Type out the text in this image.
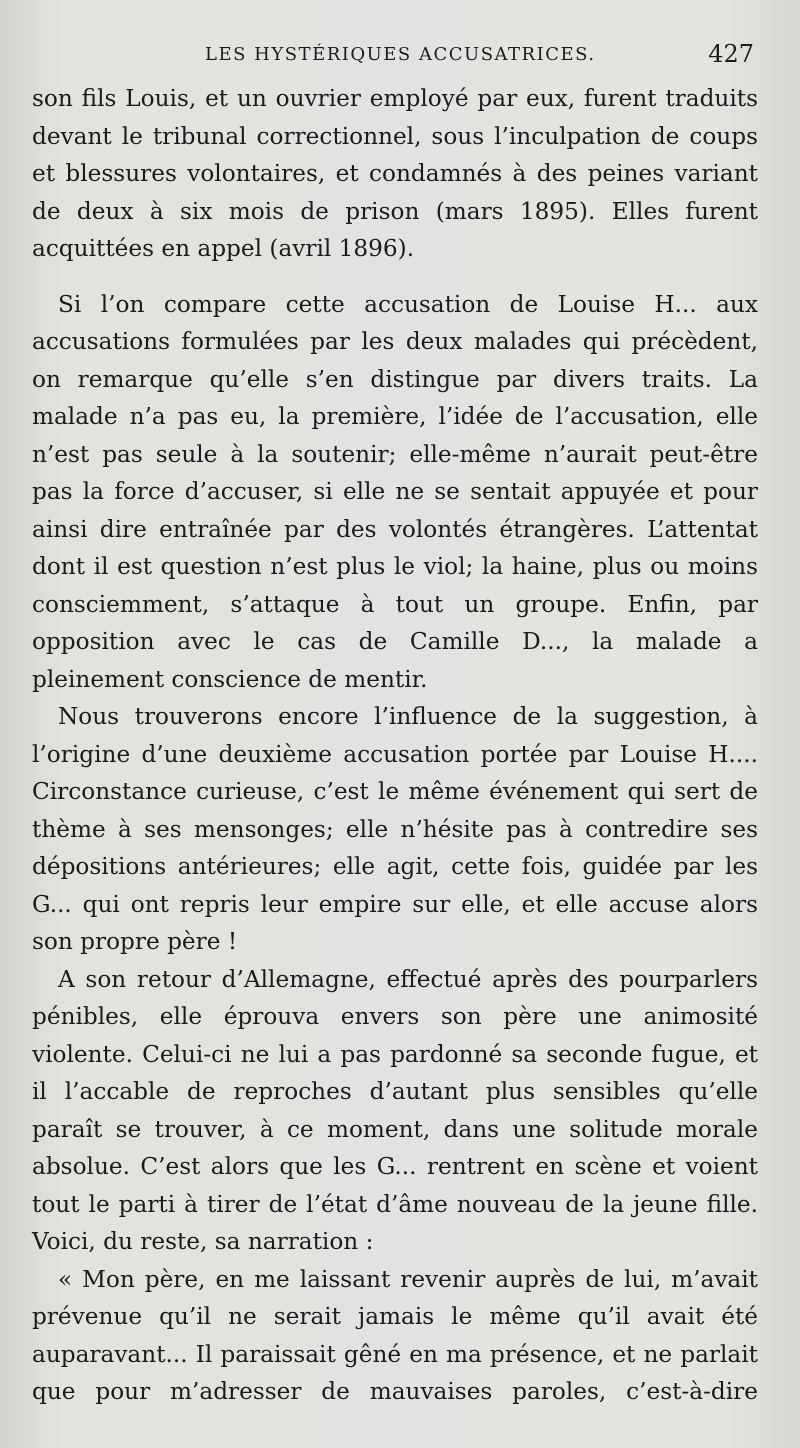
LES HYSTÉRIQUES ACCUSATRICES.	427

son fils Louis, et un ouvrier employé par eux, furent traduits devant le tribunal correctionnel, sous l’inculpation de coups et blessures volontaires, et condamnés à des peines variant de deux à six mois de prison (mars 1895). Elles furent acquittées en appel (avril 1896).

Si l’on compare cette accusation de Louise H... aux accusations formulées par les deux malades qui précèdent, on remarque qu’elle s’en distingue par divers traits. La malade n’a pas eu, la première, l’idée de l’accusation, elle n’est pas seule à la soutenir; elle-même n’aurait peut-être pas la force d’accuser, si elle ne se sentait appuyée et pour ainsi dire entraînée par des volontés étrangères. L’attentat dont il est question n’est plus le viol; la haine, plus ou moins consciemment, s’attaque à tout un groupe. Enfin, par opposition avec le cas de Camille D..., la malade a pleinement conscience de mentir.

Nous trouverons encore l’influence de la suggestion, à l’origine d’une deuxième accusation portée par Louise H.... Circonstance curieuse, c’est le même événement qui sert de thème à ses mensonges; elle n’hésite pas à contredire ses dépositions antérieures; elle agit, cette fois, guidée par les G... qui ont repris leur empire sur elle, et elle accuse alors son propre père !

A son retour d’Allemagne, effectué après des pourparlers pénibles, elle éprouva envers son père une animosité violente. Celui-ci ne lui a pas pardonné sa seconde fugue, et il l’accable de reproches d’autant plus sensibles qu’elle paraît se trouver, à ce moment, dans une solitude morale absolue. C’est alors que les G... rentrent en scène et voient tout le parti à tirer de l’état d’âme nouveau de la jeune fille. Voici, du reste, sa narration :

« Mon père, en me laissant revenir auprès de lui, m’avait prévenue qu’il ne serait jamais le même qu’il avait été auparavant... Il paraissait gêné en ma présence, et ne parlait que pour m’adresser de mauvaises paroles, c’est-à-dire
